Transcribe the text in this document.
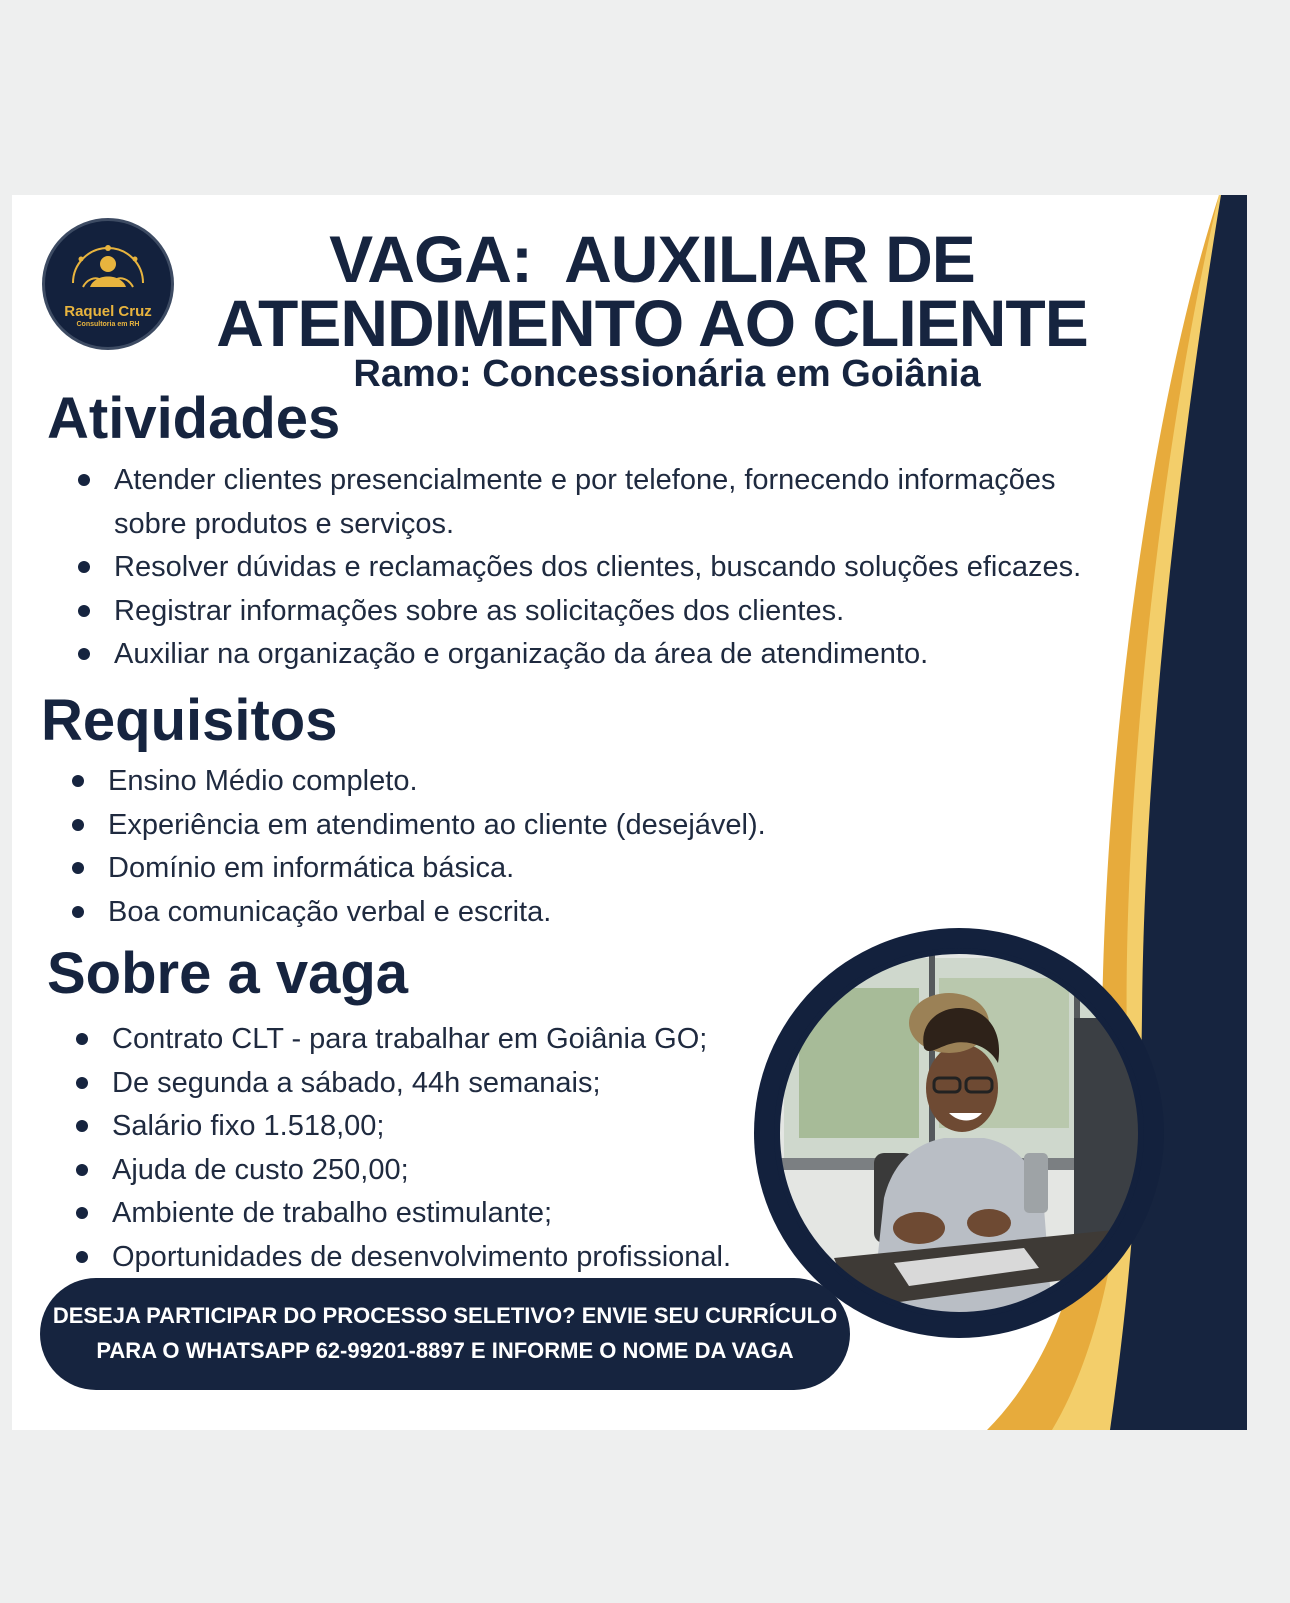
Raquel Cruz
Consultoria em RH
VAGA:  AUXILIAR DE
ATENDIMENTO AO CLIENTE
Ramo: Concessionária em Goiânia
Atividades
Atender clientes presencialmente e por telefone, fornecendo informações
sobre produtos e serviços.
Resolver dúvidas e reclamações dos clientes, buscando soluções eficazes.
Registrar informações sobre as solicitações dos clientes.
Auxiliar na organização e organização da área de atendimento.
Requisitos
Ensino Médio completo.
Experiência em atendimento ao cliente (desejável).
Domínio em informática básica.
Boa comunicação verbal e escrita.
Sobre a vaga
Contrato CLT - para trabalhar em Goiânia GO;
De segunda a sábado, 44h semanais;
Salário fixo 1.518,00;
Ajuda de custo 250,00;
Ambiente de trabalho estimulante;
Oportunidades de desenvolvimento profissional.
DESEJA PARTICIPAR DO PROCESSO SELETIVO? ENVIE SEU CURRÍCULO
PARA O WHATSAPP 62-99201-8897 E INFORME O NOME DA VAGA
